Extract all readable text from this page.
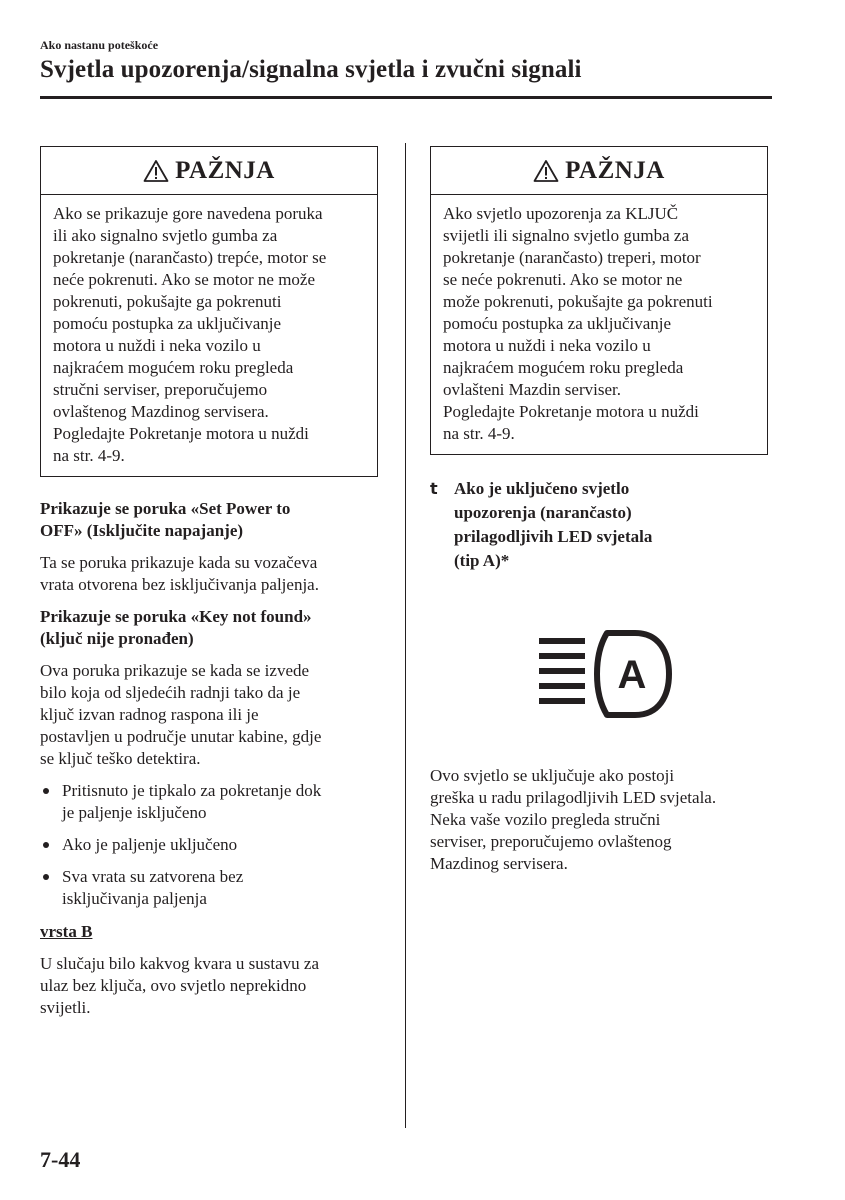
Ako nastanu poteškoće
Svjetla upozorenja/signalna svjetla i zvučni signali
PAŽNJA

Ako se prikazuje gore navedena poruka

ili ako signalno svjetlo gumba za

pokretanje (narančasto) trepće, motor se

neće pokrenuti. Ako se motor ne može

pokrenuti, pokušajte ga pokrenuti

pomoću postupka za uključivanje

motora u nuždi i neka vozilo u

najkraćem mogućem roku pregleda

stručni serviser, preporučujemo

ovlaštenog Mazdinog servisera.

Pogledajte Pokretanje motora u nuždi

na str. 4-9.

Prikazuje se poruka «Set Power to

OFF» (Isključite napajanje)

Ta se poruka prikazuje kada su vozačeva

vrata otvorena bez isključivanja paljenja.

Prikazuje se poruka «Key not found»

(ključ nije pronađen)

Ova poruka prikazuje se kada se izvede

bilo koja od sljedećih radnji tako da je

ključ izvan radnog raspona ili je

postavljen u područje unutar kabine, gdje

se ključ teško detektira.

Pritisnuto je tipkalo za pokretanje dok
je paljenje isključeno
Ako je paljenje uključeno
Sva vrata su zatvorena bez
isključivanja paljenja

vrsta B

U slučaju bilo kakvog kvara u sustavu za

ulaz bez ključa, ovo svjetlo neprekidno

svijetli.

PAŽNJA

Ako svjetlo upozorenja za KLJUČ

svijetli ili signalno svjetlo gumba za

pokretanje (narančasto) treperi, motor

se neće pokrenuti. Ako se motor ne

može pokrenuti, pokušajte ga pokrenuti

pomoću postupka za uključivanje

motora u nuždi i neka vozilo u

najkraćem mogućem roku pregleda

ovlašteni Mazdin serviser.

Pogledajte Pokretanje motora u nuždi

na str. 4-9.

t Ako je uključeno svjetlo
upozorenja (narančasto)
prilagodljivih LED svjetala
(tip A)*

Ovo svjetlo se uključuje ako postoji

greška u radu prilagodljivih LED svjetala.

Neka vaše vozilo pregleda stručni

serviser, preporučujemo ovlaštenog

Mazdinog servisera.

A
7-44
